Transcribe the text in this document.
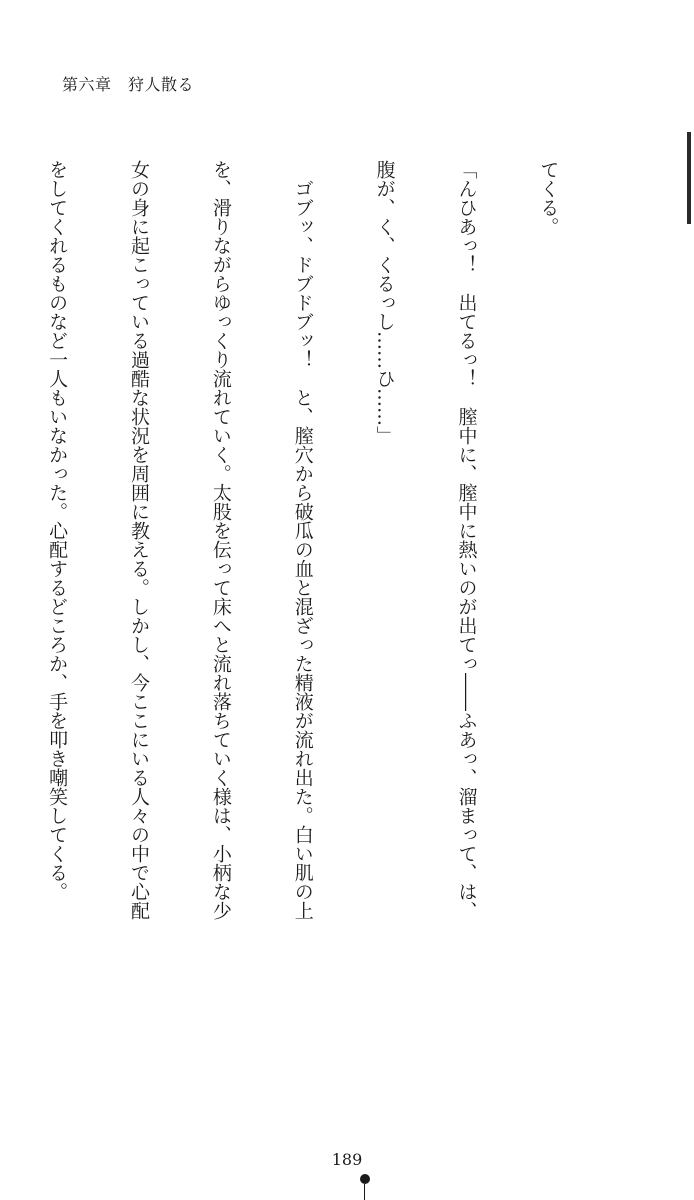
第六章　狩人散る

てくる。

「んひあっ！　出てるっ！　膣中に、膣中に熱いのが出てっ――ふあっ、溜まって、は、

腹が、く、くるっし……ひ……」

　ゴブッ、ドブドブッ！　と、膣穴から破瓜の血と混ざった精液が流れ出た。白い肌の上

を、滑りながらゆっくり流れていく。太股を伝って床へと流れ落ちていく様は、小柄な少

女の身に起こっている過酷な状況を周囲に教える。しかし、今ここにいる人々の中で心配

をしてくれるものなど一人もいなかった。心配するどころか、手を叩き嘲笑してくる。

189
